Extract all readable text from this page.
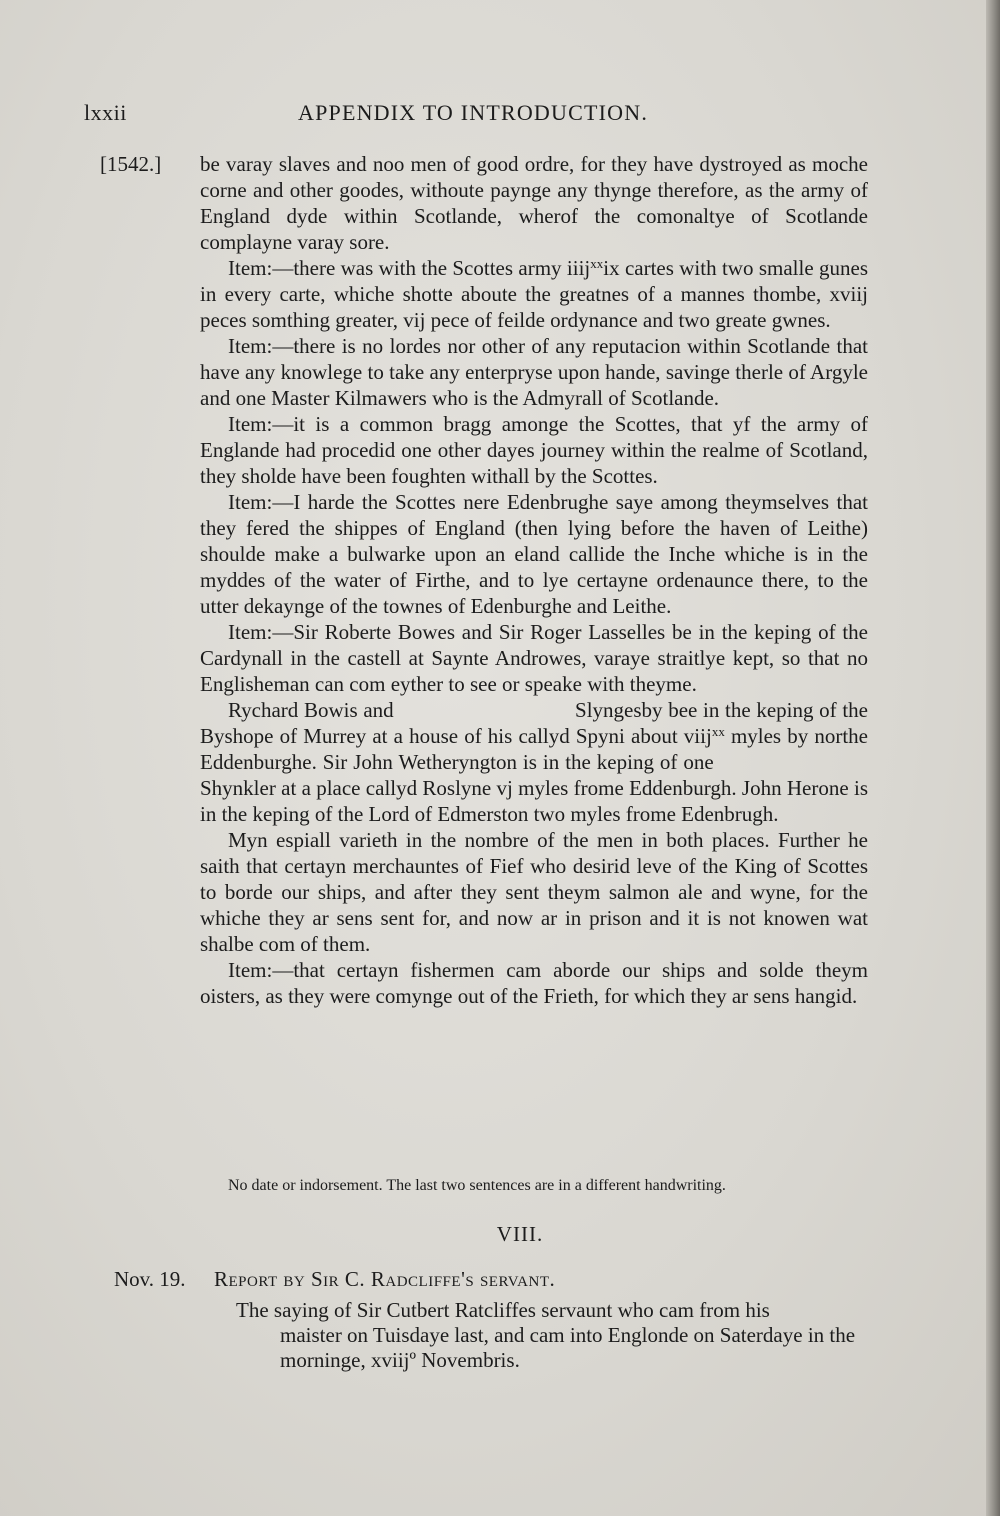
lxxii	APPENDIX TO INTRODUCTION.
[1542.] be varay slaves and noo men of good ordre, for they have dystroyed as moche corne and other goodes, withoute paynge any thynge therefore, as the army of England dyde within Scotlande, wherof the comonaltye of Scotlande complayne varay sore.

Item:—there was with the Scottes army iiij$^{xx}$ix cartes with two smalle gunes in every carte, whiche shotte aboute the greatnes of a mannes thombe, xviij peces somthing greater, vij pece of feilde ordynance and two greate gwnes.

Item:—there is no lordes nor other of any reputacion within Scotlande that have any knowlege to take any enterpryse upon hande, savinge therle of Argyle and one Master Kilmawers who is the Admyrall of Scotlande.

Item:—it is a common bragg amonge the Scottes, that yf the army of Englande had procedid one other dayes journey within the realme of Scotland, they sholde have been foughten withall by the Scottes.

Item:—I harde the Scottes nere Edenbrughe saye among theymselves that they fered the shippes of England (then lying before the haven of Leithe) shoulde make a bulwarke upon an eland callide the Inche whiche is in the myddes of the water of Firthe, and to lye certayne ordenaunce there, to the utter dekaynge of the townes of Edenburghe and Leithe.

Item:—Sir Roberte Bowes and Sir Roger Lasselles be in the keping of the Cardynall in the castell at Saynte Androwes, varaye straitlye kept, so that no Englisheman can com eyther to see or speake with theyme.

Rychard Bowis and                                Slyngesby bee in the keping of the Byshope of Murrey at a house of his callyd Spyni about viij$^{xx}$ myles by northe Eddenburghe. Sir John Wetheryngton is in the keping of one                           Shynkler at a place callyd Roslyne vj myles frome Eddenburgh. John Herone is in the keping of the Lord of Edmerston two myles frome Edenbrugh.

Myn espiall varieth in the nombre of the men in both places. Further he saith that certayn merchauntes of Fief who desirid leve of the King of Scottes to borde our ships, and after they sent theym salmon ale and wyne, for the whiche they ar sens sent for, and now ar in prison and it is not knowen wat shalbe com of them.

Item:—that certayn fishermen cam aborde our ships and solde theym oisters, as they were comynge out of the Frieth, for which they ar sens hangid.

No date or indorsement. The last two sentences are in a different handwriting.
VIII.
Nov. 19. Report by Sir C. Radcliffe's servant.
The saying of Sir Cutbert Ratcliffes servaunt who cam from his
maister on Tuisdaye last, and cam into Englonde on Saterdaye in the morninge, xviijº Novembris.
